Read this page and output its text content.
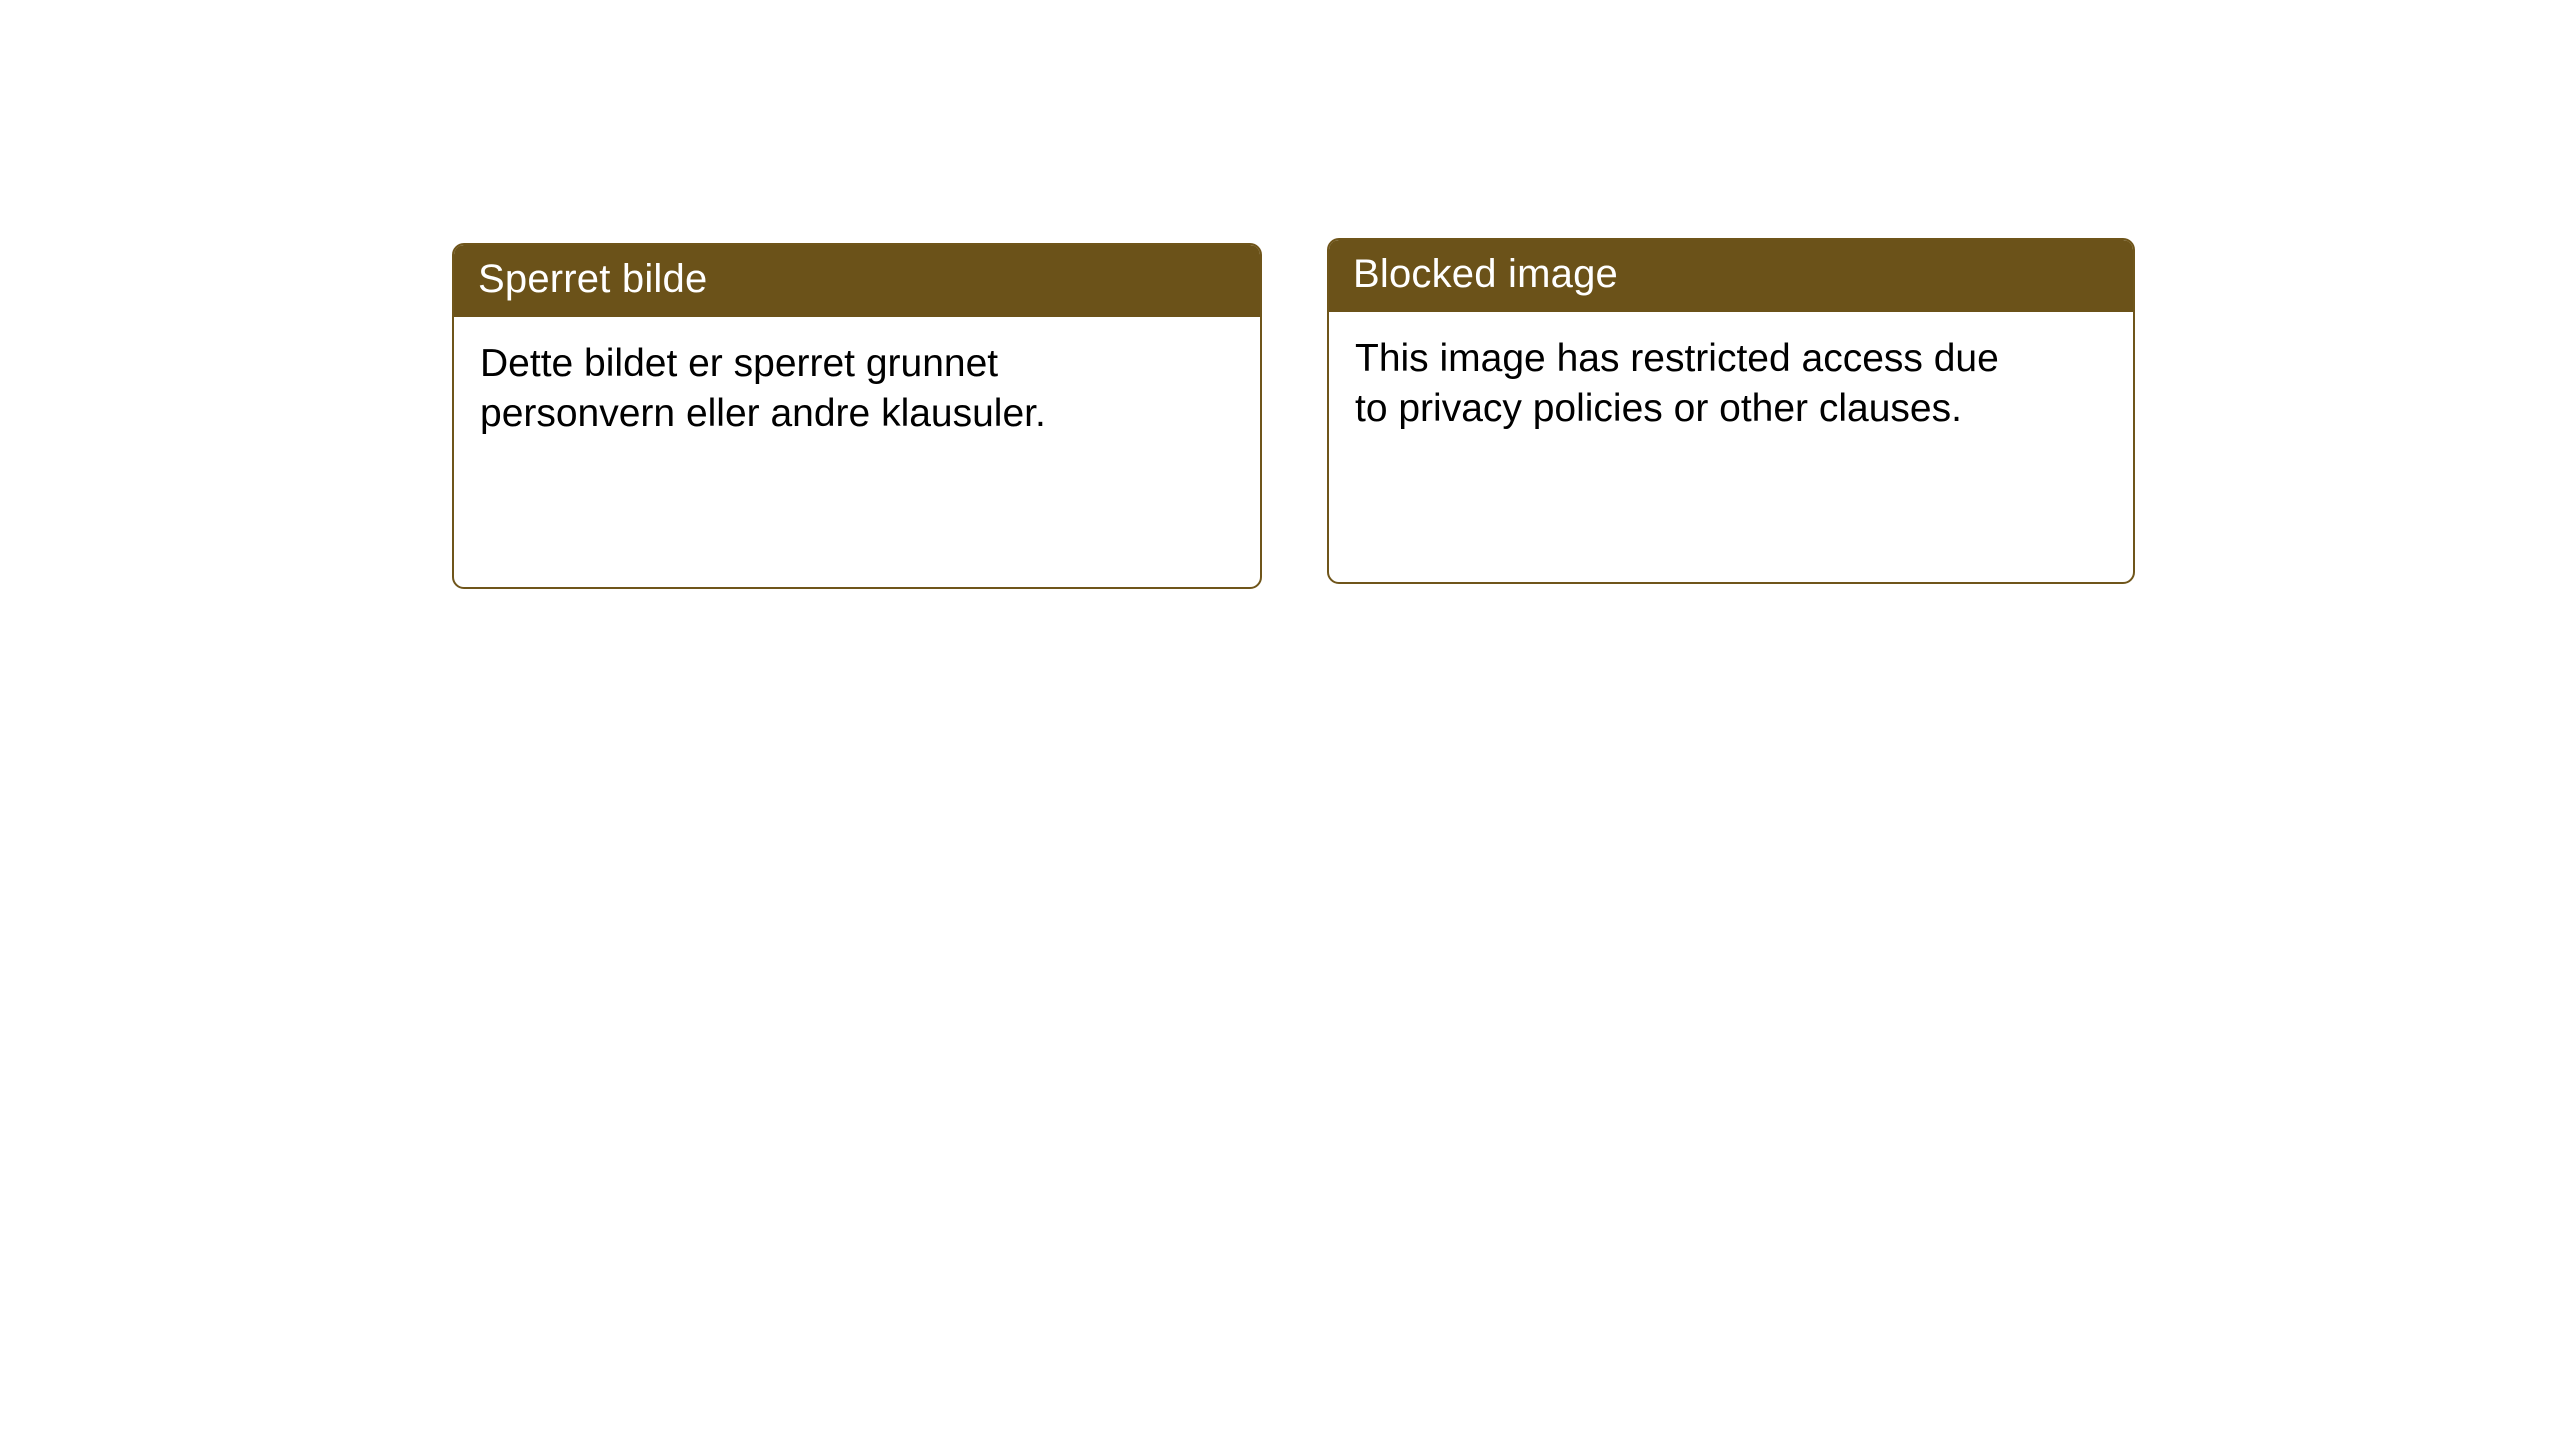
Sperret bilde

Dette bildet er sperret grunnet personvern eller andre klausuler.

Blocked image

This image has restricted access due to privacy policies or other clauses.
